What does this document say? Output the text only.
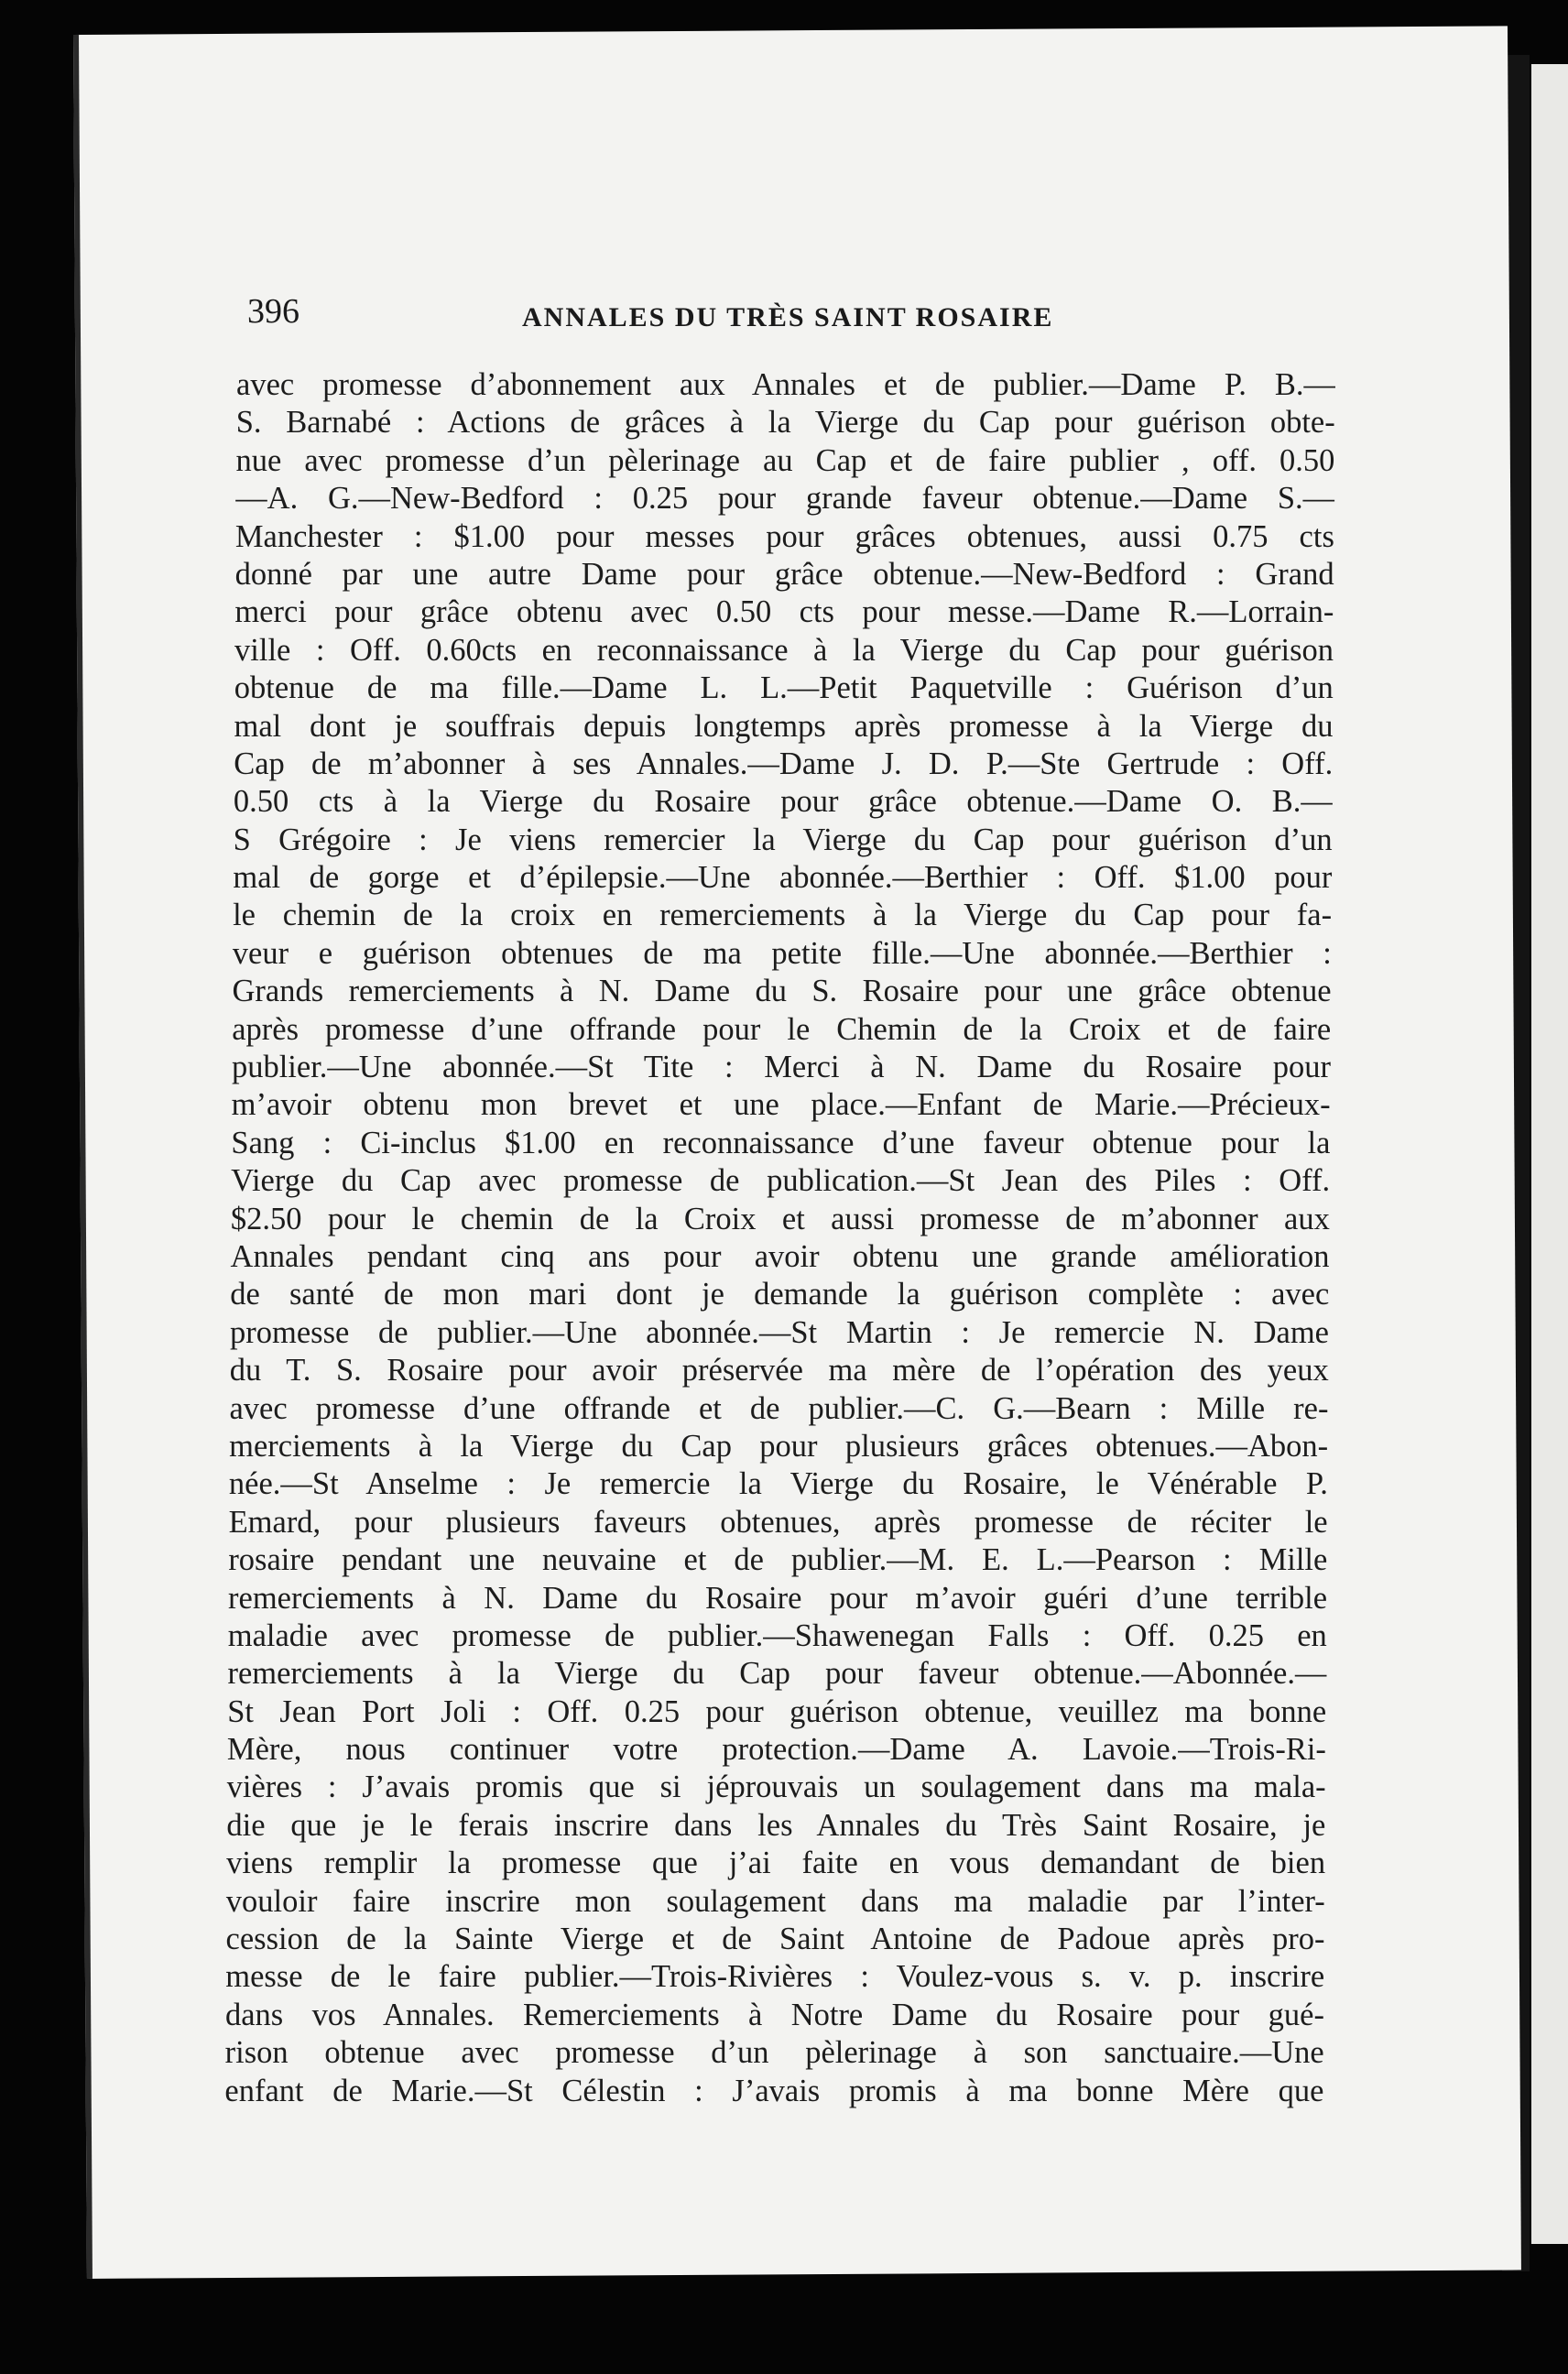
396	ANNALES DU TRÈS SAINT ROSAIRE
avec promesse d’abonnement aux Annales et de publier.—Dame P. B.—
S. Barnabé : Actions de grâces à la Vierge du Cap pour guérison obte-
nue avec promesse d’un pèlerinage au Cap et de faire publier , off. 0.50
—A. G.—New-Bedford : 0.25 pour grande faveur obtenue.—Dame S.—
Manchester : $1.00 pour messes pour grâces obtenues, aussi 0.75 cts
donné par une autre Dame pour grâce obtenue.—New-Bedford : Grand
merci pour grâce obtenu avec 0.50 cts pour messe.—Dame R.—Lorrain-
ville : Off. 0.60cts en reconnaissance à la Vierge du Cap pour guérison
obtenue de ma fille.—Dame L. L.—Petit Paquetville : Guérison d’un
mal dont je souffrais depuis longtemps après promesse à la Vierge du
Cap de m’abonner à ses Annales.—Dame J. D. P.—Ste Gertrude : Off.
0.50 cts à la Vierge du Rosaire pour grâce obtenue.—Dame O. B.—
S Grégoire : Je viens remercier la Vierge du Cap pour guérison d’un
mal de gorge et d’épilepsie.—Une abonnée.—Berthier : Off. $1.00 pour
le chemin de la croix en remerciements à la Vierge du Cap pour fa-
veur e guérison obtenues de ma petite fille.—Une abonnée.—Berthier :
Grands remerciements à N. Dame du S. Rosaire pour une grâce obtenue
après promesse d’une offrande pour le Chemin de la Croix et de faire
publier.—Une abonnée.—St Tite : Merci à N. Dame du Rosaire pour
m’avoir obtenu mon brevet et une place.—Enfant de Marie.—Précieux-
Sang : Ci-inclus $1.00 en reconnaissance d’une faveur obtenue pour la
Vierge du Cap avec promesse de publication.—St Jean des Piles : Off.
$2.50 pour le chemin de la Croix et aussi promesse de m’abonner aux
Annales pendant cinq ans pour avoir obtenu une grande amélioration
de santé de mon mari dont je demande la guérison complète : avec
promesse de publier.—Une abonnée.—St Martin : Je remercie N. Dame
du T. S. Rosaire pour avoir préservée ma mère de l’opération des yeux
avec promesse d’une offrande et de publier.—C. G.—Bearn : Mille re-
merciements à la Vierge du Cap pour plusieurs grâces obtenues.—Abon-
née.—St Anselme : Je remercie la Vierge du Rosaire, le Vénérable P.
Emard, pour plusieurs faveurs obtenues, après promesse de réciter le
rosaire pendant une neuvaine et de publier.—M. E. L.—Pearson : Mille
remerciements à N. Dame du Rosaire pour m’avoir guéri d’une terrible
maladie avec promesse de publier.—Shawenegan Falls : Off. 0.25 en
remerciements à la Vierge du Cap pour faveur obtenue.—Abonnée.—
St Jean Port Joli : Off. 0.25 pour guérison obtenue, veuillez ma bonne
Mère, nous continuer votre protection.—Dame A. Lavoie.—Trois-Ri-
vières : J’avais promis que si jéprouvais un soulagement dans ma mala-
die que je le ferais inscrire dans les Annales du Très Saint Rosaire, je
viens remplir la promesse que j’ai faite en vous demandant de bien
vouloir faire inscrire mon soulagement dans ma maladie par l’inter-
cession de la Sainte Vierge et de Saint Antoine de Padoue après pro-
messe de le faire publier.—Trois-Rivières : Voulez-vous s. v. p. inscrire
dans vos Annales. Remerciements à Notre Dame du Rosaire pour gué-
rison obtenue avec promesse d’un pèlerinage à son sanctuaire.—Une
enfant de Marie.—St Célestin : J’avais promis à ma bonne Mère que
